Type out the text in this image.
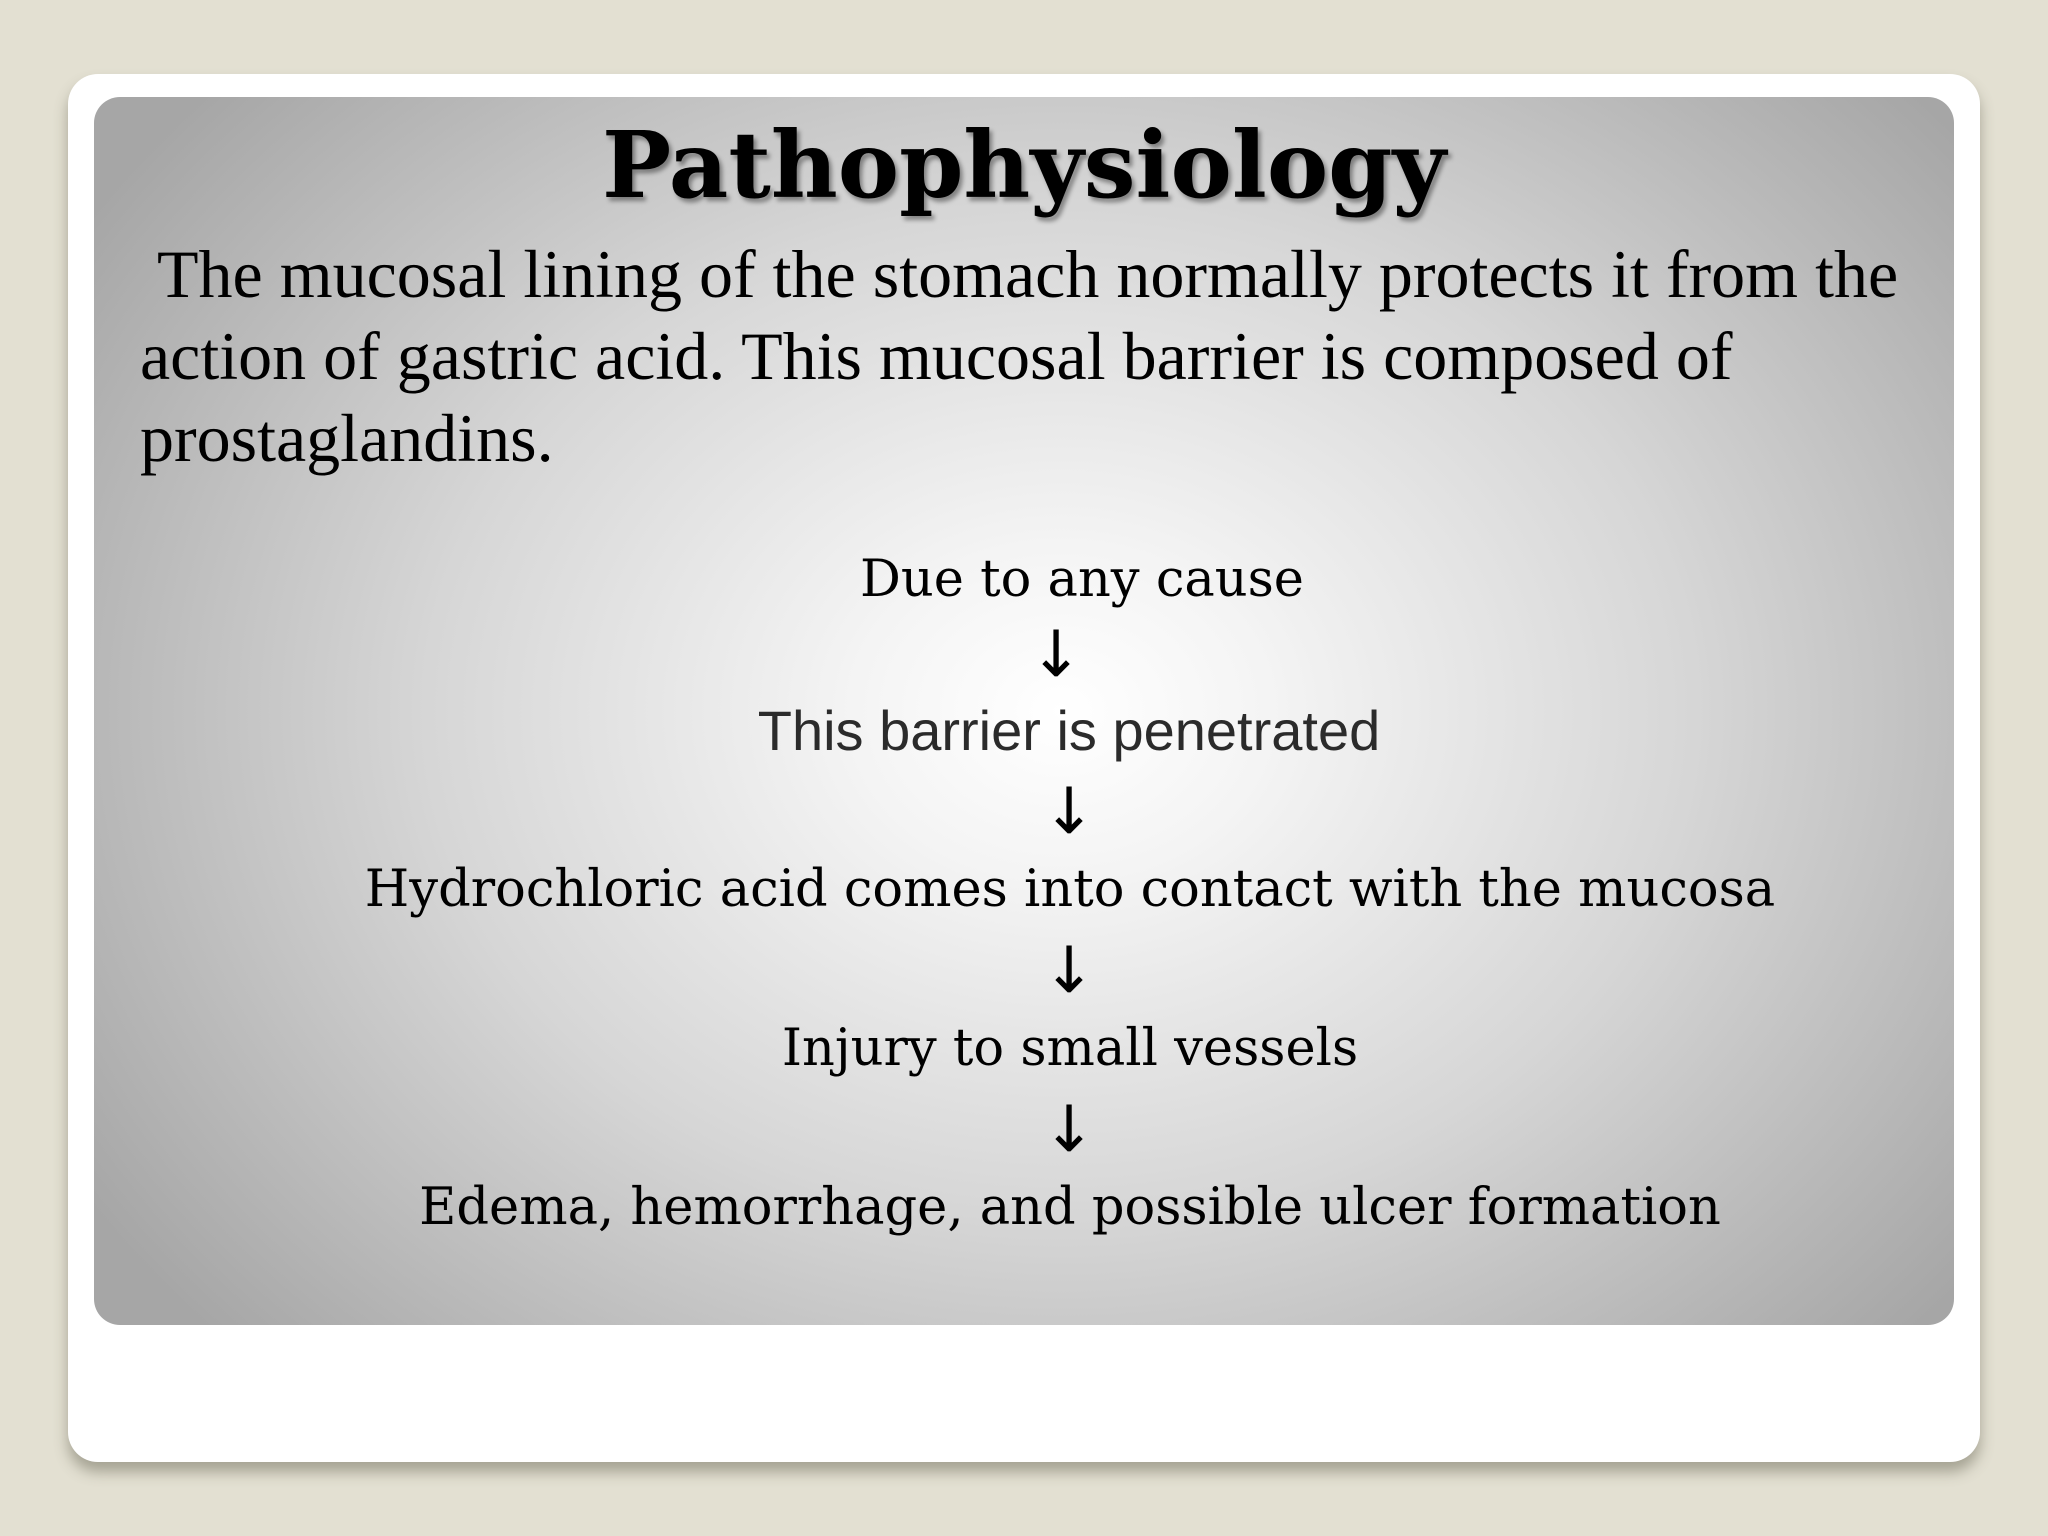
Pathophysiology

The mucosal lining of the stomach normally protects it from the action of gastric acid. This mucosal barrier is composed of prostaglandins.

Due to any cause
↓
This barrier is penetrated
↓
Hydrochloric acid comes into contact with the mucosa
↓
Injury to small vessels
↓
Edema, hemorrhage, and possible ulcer formation
